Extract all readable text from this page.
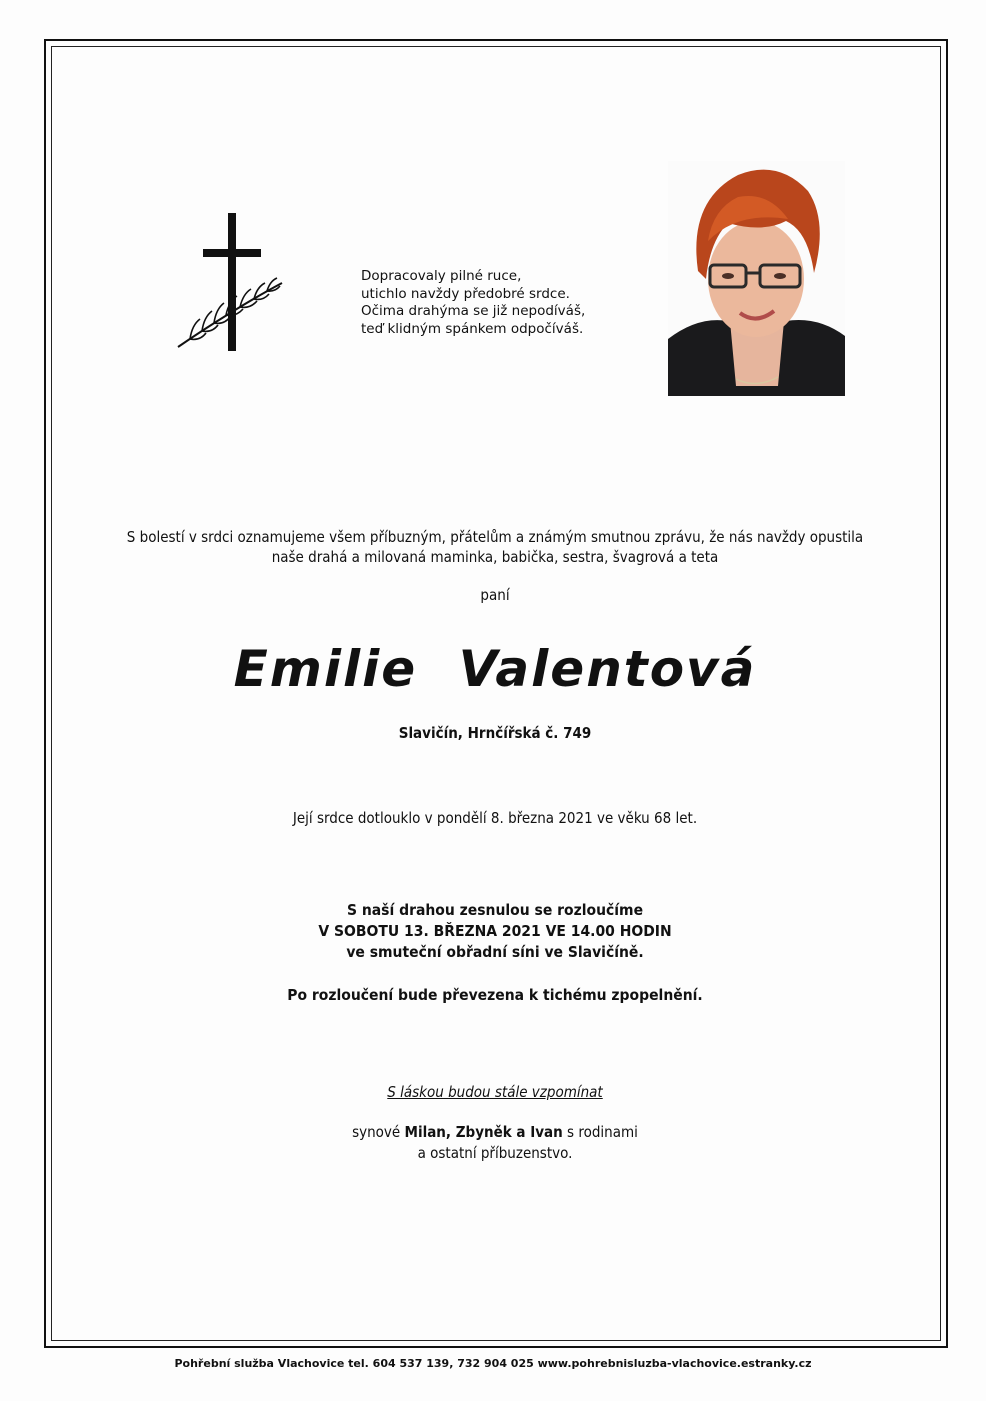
Dopracovaly pilné ruce,
utichlo navždy předobré srdce.
Očima drahýma se již nepodíváš,
teď klidným spánkem odpočíváš.
S bolestí v srdci oznamujeme všem příbuzným, přátelům a známým smutnou zprávu, že nás navždy opustila
naše drahá a milovaná maminka, babička, sestra, švagrová a teta
paní
Emilie Valentová
Slavičín, Hrnčířská č. 749
Její srdce dotlouklo v pondělí 8. března 2021 ve věku 68 let.
S naší drahou zesnulou se rozloučíme
V SOBOTU 13. BŘEZNA 2021 VE 14.00 HODIN
ve smuteční obřadní síni ve Slavičíně.
Po rozloučení bude převezena k tichému zpopelnění.
S láskou budou stále vzpomínat
synové Milan, Zbyněk a Ivan s rodinami
a ostatní příbuzenstvo.
Pohřební služba Vlachovice tel. 604 537 139, 732 904 025 www.pohrebnisluzba-vlachovice.estranky.cz
